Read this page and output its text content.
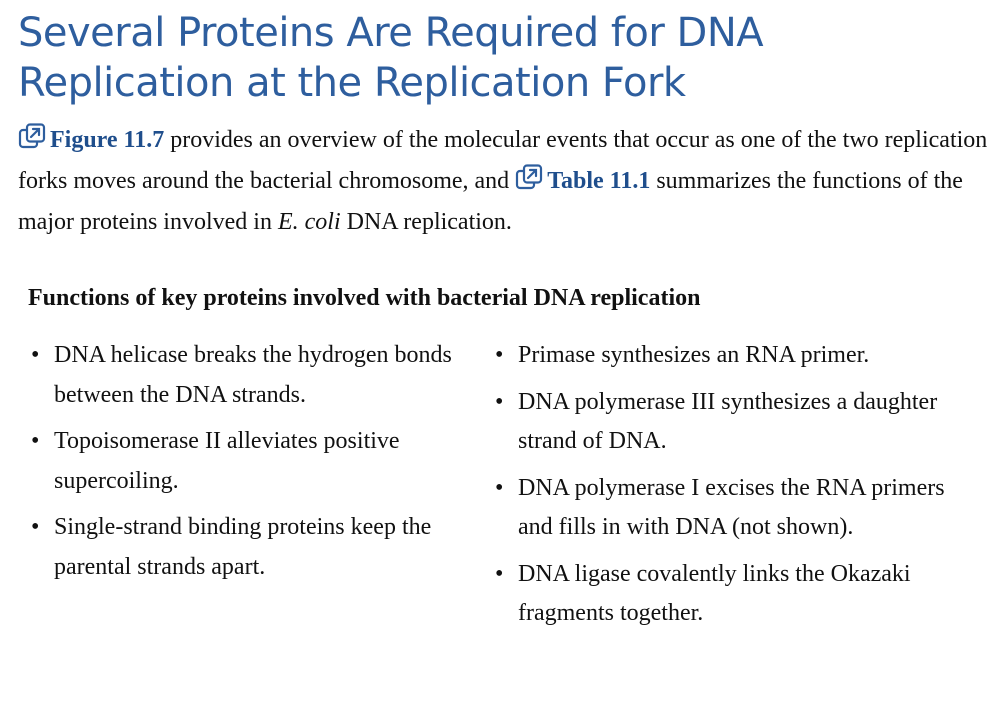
Several Proteins Are Required for DNA Replication at the Replication Fork

Figure 11.7 provides an overview of the molecular events that occur as one of the two replication forks moves around the bacterial chromosome, and
Table 11.1 summarizes the functions of the major proteins involved in E. coli DNA replication.

Functions of key proteins involved with bacterial DNA replication
• DNA helicase breaks the hydrogen bonds between the DNA strands.
• Topoisomerase II alleviates positive supercoiling.
• Single-strand binding proteins keep the parental strands apart.
• Primase synthesizes an RNA primer.
• DNA polymerase III synthesizes a daughter strand of DNA.
• DNA polymerase I excises the RNA primers and fills in with DNA (not shown).
• DNA ligase covalently links the Okazaki fragments together.
